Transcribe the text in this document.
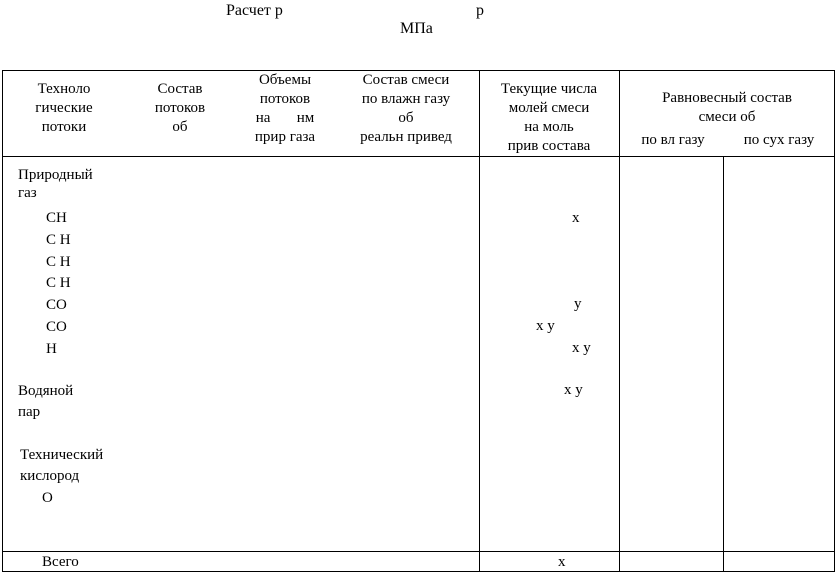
Расчет р	р
МПа
Техноло
гические
потоки
Состав
потоков
об
Объемы
потоков
на нм
прир газа
Состав смеси
по влажн газу
об
реальн привед
Текущие числа
молей смеси
на моль
прив состава
Равновесный состав
смеси об
по вл газу	по сух газу
Природный
газ
СН
С Н
С Н
С Н
СО
СО
Н
Водяной
пар
Технический
кислород
О
Всего
х
у
х у
х у
х у
х
